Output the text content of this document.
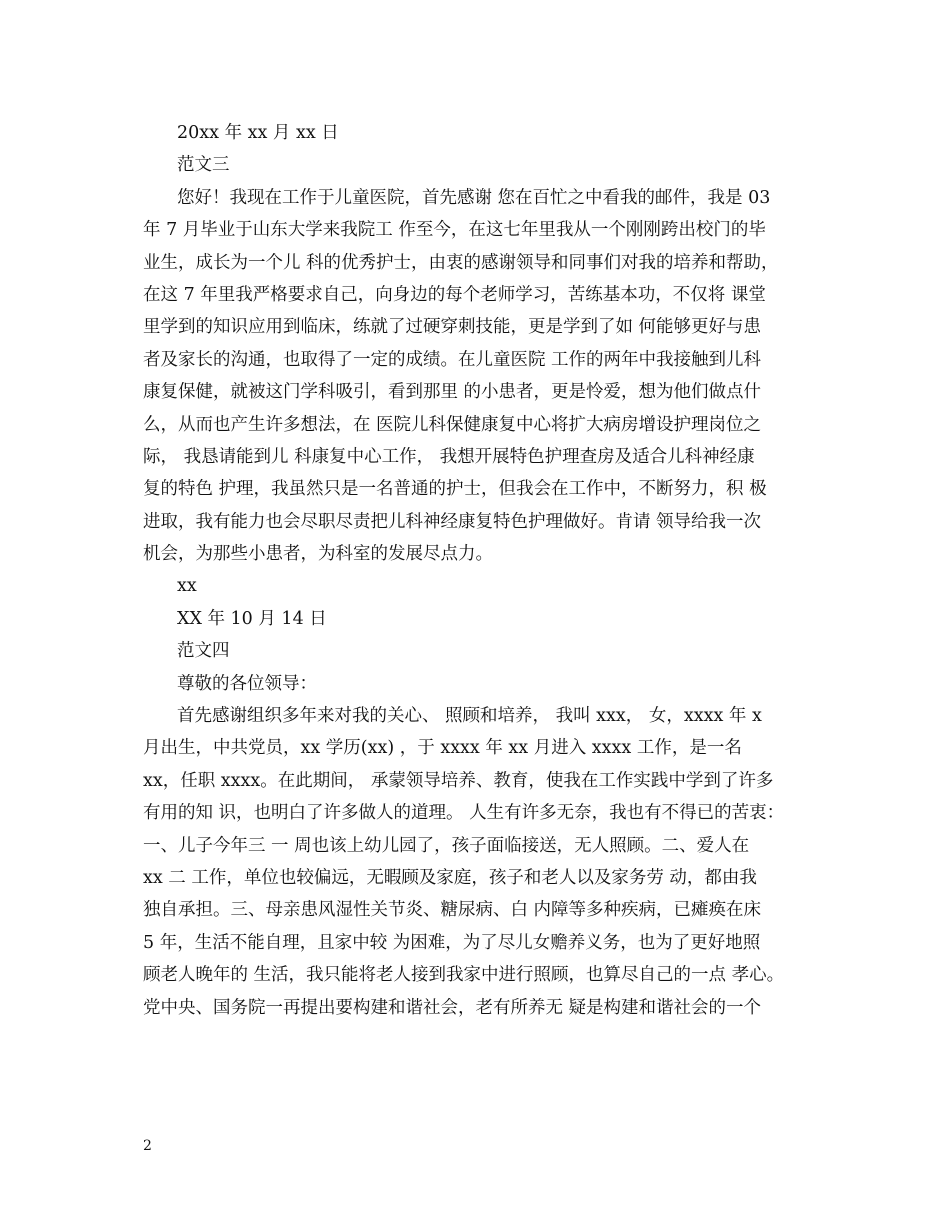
20xx 年 xx 月 xx 日
范文三
您好！我现在工作于儿童医院，首先感谢 您在百忙之中看我的邮件，我是 03
年 7 月毕业于山东大学来我院工 作至今，在这七年里我从一个刚刚跨出校门的毕
业生，成长为一个儿 科的优秀护士，由衷的感谢领导和同事们对我的培养和帮助，
在这 7 年里我严格要求自己，向身边的每个老师学习，苦练基本功，不仅将 课堂
里学到的知识应用到临床，练就了过硬穿刺技能，更是学到了如 何能够更好与患
者及家长的沟通，也取得了一定的成绩。在儿童医院 工作的两年中我接触到儿科
康复保健，就被这门学科吸引，看到那里 的小患者，更是怜爱，想为他们做点什
么，从而也产生许多想法，在 医院儿科保健康复中心将扩大病房增设护理岗位之
际， 我恳请能到儿 科康复中心工作， 我想开展特色护理查房及适合儿科神经康
复的特色 护理，我虽然只是一名普通的护士，但我会在工作中，不断努力，积 极
进取，我有能力也会尽职尽责把儿科神经康复特色护理做好。肯请 领导给我一次
机会，为那些小患者，为科室的发展尽点力。
xx
XX 年 10 月 14 日
范文四
尊敬的各位领导：
首先感谢组织多年来对我的关心、 照顾和培养， 我叫 xxx， 女，xxxx 年 x
月出生，中共党员，xx 学历(xx) ，于 xxxx 年 xx 月进入 xxxx 工作，是一名
xx，任职 xxxx。在此期间， 承蒙领导培养、教育，使我在工作实践中学到了许多
有用的知 识，也明白了许多做人的道理。 人生有许多无奈，我也有不得已的苦衷：
一、儿子今年三 一 周也该上幼儿园了，孩子面临接送，无人照顾。二、爱人在
xx 二 工作，单位也较偏远，无暇顾及家庭，孩子和老人以及家务劳 动，都由我
独自承担。三、母亲患风湿性关节炎、糖尿病、白 内障等多种疾病，已瘫痪在床
5 年，生活不能自理，且家中较 为困难，为了尽儿女赡养义务，也为了更好地照
顾老人晚年的 生活，我只能将老人接到我家中进行照顾，也算尽自己的一点 孝心。
党中央、国务院一再提出要构建和谐社会，老有所养无 疑是构建和谐社会的一个
2
